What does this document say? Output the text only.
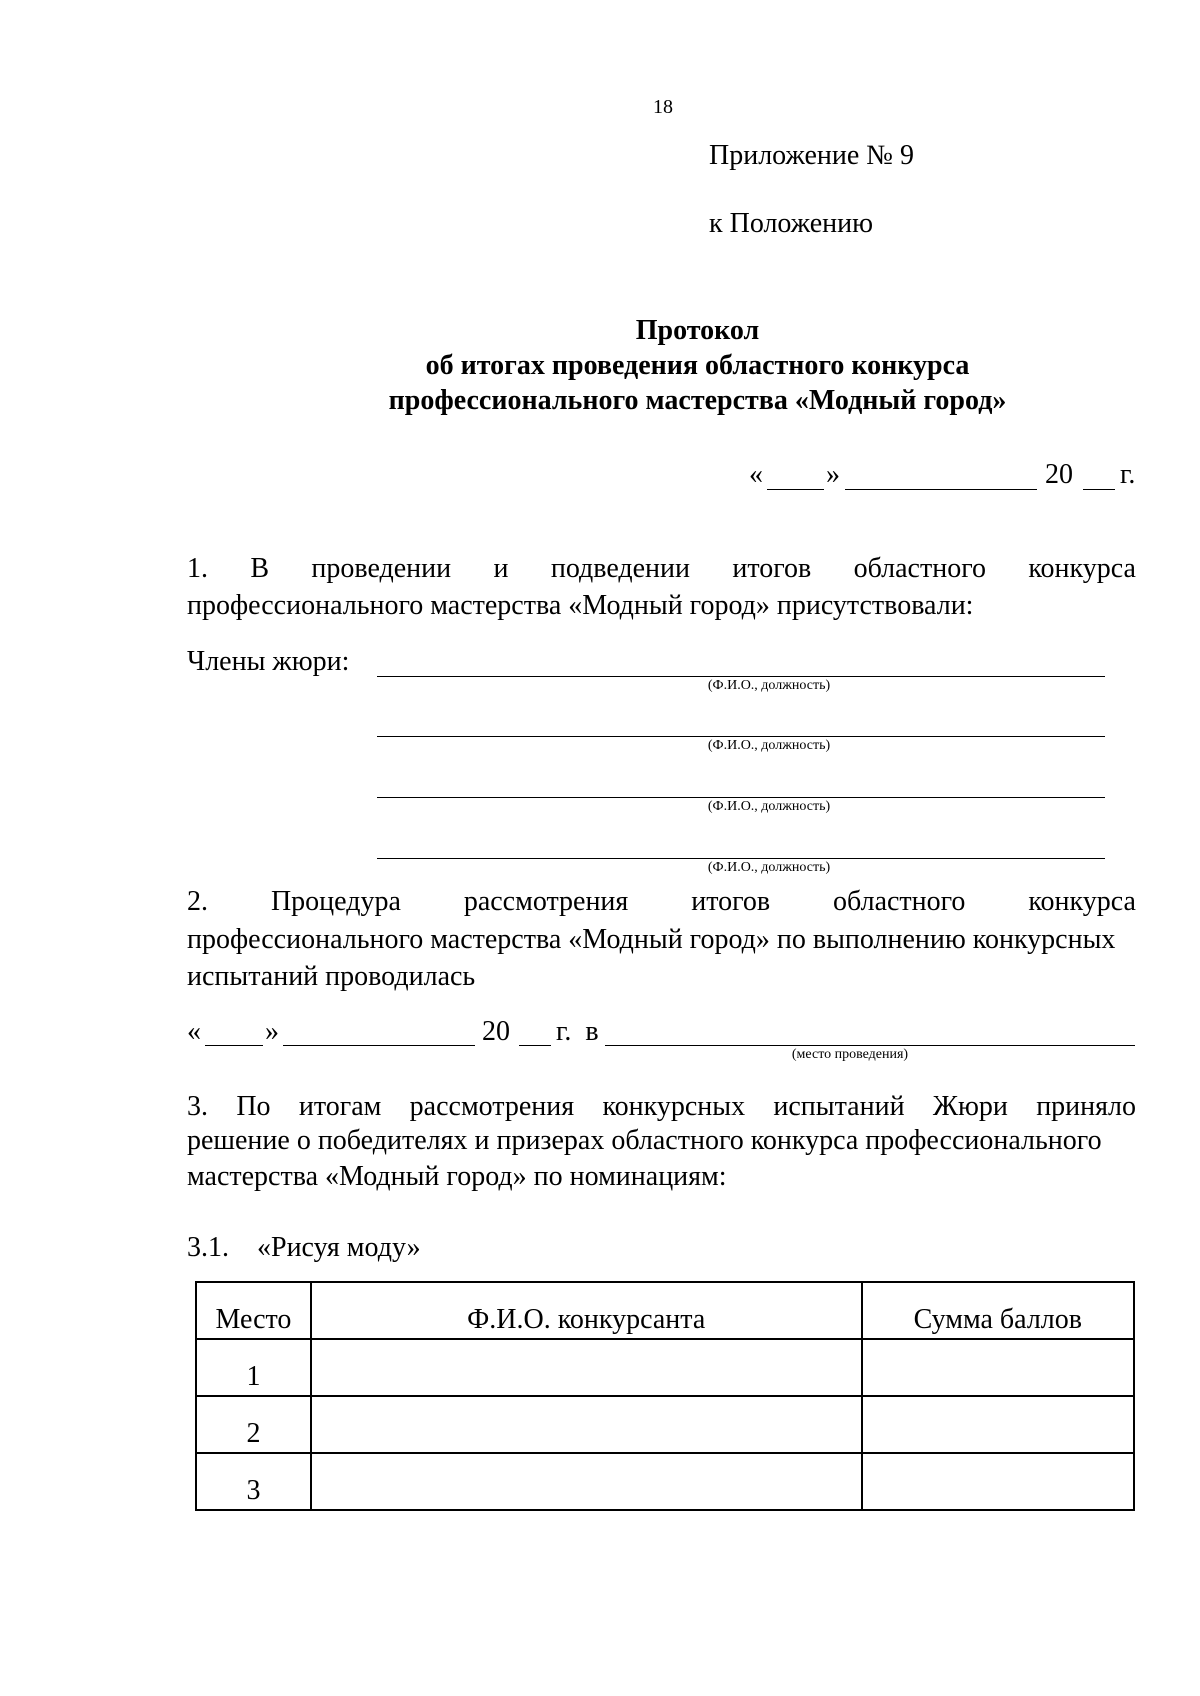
18
Приложение № 9
к Положению
Протокол
об итогах проведения областного конкурса
профессионального мастерства «Модный город»
« »	20 г.
1. В проведении и подведении итогов областного конкурса
профессионального мастерства «Модный город» присутствовали:
Члены жюри:
(Ф.И.О., должность)
(Ф.И.О., должность)
(Ф.И.О., должность)
(Ф.И.О., должность)
2. Процедура рассмотрения итогов областного конкурса
профессионального мастерства «Модный город» по выполнению конкурсных
испытаний проводилась
« »	20 г.  в
(место проведения)
3. По итогам рассмотрения конкурсных испытаний Жюри приняло
решение о победителях и призерах областного конкурса профессионального
мастерства «Модный город» по номинациям:
3.1. «Рисуя моду»
Место	Ф.И.О. конкурсанта	Сумма баллов
1		
2		
3		
